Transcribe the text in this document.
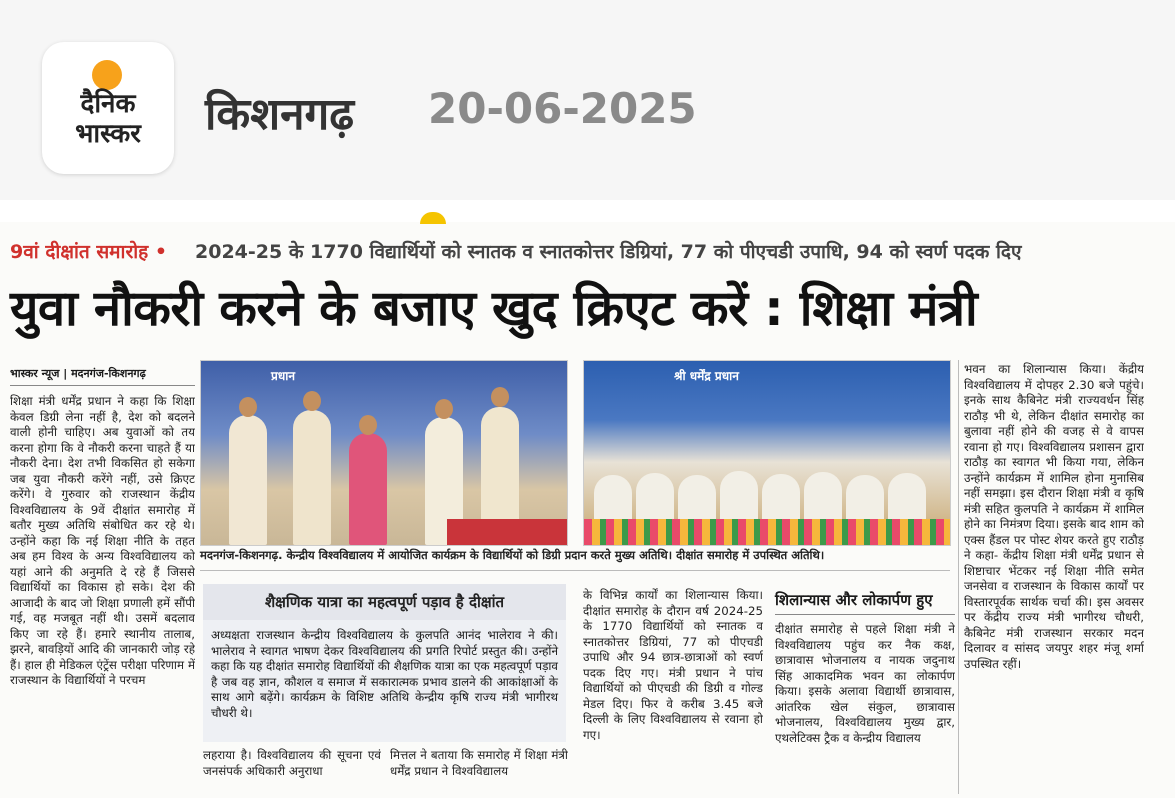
दैनिक
भास्कर	किशनगढ़ 20-06-2025
9वां दीक्षांत समारोह • 2024-25 के 1770 विद्यार्थियों को स्नातक व स्नातकोत्तर डिग्रियां, 77 को पीएचडी उपाधि, 94 को स्वर्ण पदक दिए
युवा नौकरी करने के बजाए खुद क्रिएट करें : शिक्षा मंत्री
भास्कर न्यूज | मदनगंज-किशनगढ़
शिक्षा मंत्री धर्मेंद्र प्रधान ने कहा कि शिक्षा केवल डिग्री लेना नहीं है, देश को बदलने वाली होनी चाहिए। अब युवाओं को तय करना होगा कि वे नौकरी करना चाहते हैं या नौकरी देना। देश तभी विकसित हो सकेगा जब युवा नौकरी करेंगे नहीं, उसे क्रिएट करेंगे। वे गुरुवार को राजस्थान केंद्रीय विश्वविद्यालय के 9वें दीक्षांत समारोह में बतौर मुख्य अतिथि संबोधित कर रहे थे। उन्होंने कहा कि नई शिक्षा नीति के तहत अब हम विश्व के अन्य विश्वविद्यालय को यहां आने की अनुमति दे रहे हैं जिससे विद्यार्थियों का विकास हो सके। देश की आजादी के बाद जो शिक्षा प्रणाली हमें सौंपी गई, वह मजबूत नहीं थी। उसमें बदलाव किए जा रहे हैं। हमारे स्थानीय तालाब, झरने, बावड़ियों आदि की जानकारी जोड़ रहे हैं। हाल ही मेडिकल एंट्रेंस परीक्षा परिणाम में राजस्थान के विद्यार्थियों ने परचम
प्रधान	श्री धर्मेंद्र प्रधान
मदनगंज-किशनगढ़. केन्द्रीय विश्वविद्यालय में आयोजित कार्यक्रम के विद्यार्थियों को डिग्री प्रदान करते मुख्य अतिथि। दीक्षांत समारोह में उपस्थित अतिथि।
शैक्षणिक यात्रा का महत्वपूर्ण पड़ाव है दीक्षांत
अध्यक्षता राजस्थान केन्द्रीय विश्वविद्यालय के कुलपति आनंद भालेराव ने की। भालेराव ने स्वागत भाषण देकर विश्वविद्यालय की प्रगति रिपोर्ट प्रस्तुत की। उन्होंने कहा कि यह दीक्षांत समारोह विद्यार्थियों की शैक्षणिक यात्रा का एक महत्वपूर्ण पड़ाव है जब वह ज्ञान, कौशल व समाज में सकारात्मक प्रभाव डालने की आकांक्षाओं के साथ आगे बढ़ेंगे। कार्यक्रम के विशिष्ट अतिथि केन्द्रीय कृषि राज्य मंत्री भागीरथ चौधरी थे।
लहराया है। विश्वविद्यालय की सूचना एवं जनसंपर्क अधिकारी अनुराधा
मित्तल ने बताया कि समारोह में शिक्षा मंत्री धर्मेंद्र प्रधान ने विश्वविद्यालय
के विभिन्न कार्यों का शिलान्यास किया। दीक्षांत समारोह के दौरान वर्ष 2024-25 के 1770 विद्यार्थियों को स्नातक व स्नातकोत्तर डिग्रियां, 77 को पीएचडी उपाधि और 94 छात्र-छात्राओं को स्वर्ण पदक दिए गए। मंत्री प्रधान ने पांच विद्यार्थियों को पीएचडी की डिग्री व गोल्ड मेडल दिए। फिर वे करीब 3.45 बजे दिल्ली के लिए विश्वविद्यालय से रवाना हो गए।
शिलान्यास और लोकार्पण हुए
दीक्षांत समारोह से पहले शिक्षा मंत्री ने विश्वविद्यालय पहुंच कर नैक कक्ष, छात्रावास भोजनालय व नायक जदुनाथ सिंह आकादमिक भवन का लोकार्पण किया। इसके अलावा विद्यार्थी छात्रावास, आंतरिक खेल संकुल, छात्रावास भोजनालय, विश्वविद्यालय मुख्य द्वार, एथलेटिक्स ट्रैक व केन्द्रीय विद्यालय
भवन का शिलान्यास किया। केंद्रीय विश्वविद्यालय में दोपहर 2.30 बजे पहुंचे। इनके साथ कैबिनेट मंत्री राज्यवर्धन सिंह राठौड़ भी थे, लेकिन दीक्षांत समारोह का बुलावा नहीं होने की वजह से वे वापस रवाना हो गए। विश्वविद्यालय प्रशासन द्वारा राठौड़ का स्वागत भी किया गया, लेकिन उन्होंने कार्यक्रम में शामिल होना मुनासिब नहीं समझा। इस दौरान शिक्षा मंत्री व कृषि मंत्री सहित कुलपति ने कार्यक्रम में शामिल होने का निमंत्रण दिया। इसके बाद शाम को एक्स हैंडल पर पोस्ट शेयर करते हुए राठौड़ ने कहा- केंद्रीय शिक्षा मंत्री धर्मेंद्र प्रधान से शिष्टाचार भेंटकर नई शिक्षा नीति समेत जनसेवा व राजस्थान के विकास कार्यों पर विस्तारपूर्वक सार्थक चर्चा की। इस अवसर पर केंद्रीय राज्य मंत्री भागीरथ चौधरी, कैबिनेट मंत्री राजस्थान सरकार मदन दिलावर व सांसद जयपुर शहर मंजू शर्मा उपस्थित रहीं।
